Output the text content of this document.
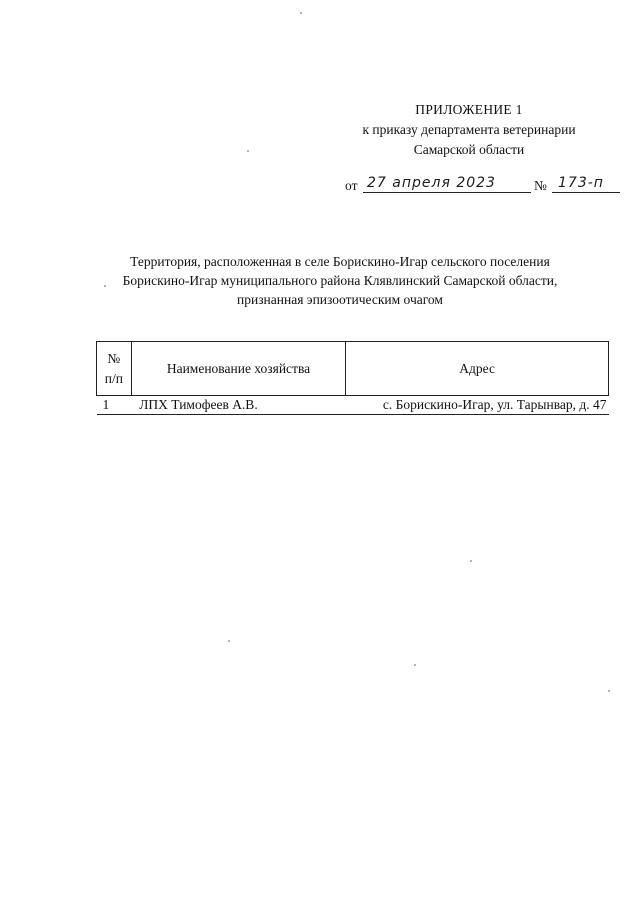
ПРИЛОЖЕНИЕ 1
к приказу департамента ветеринарии
Самарской области
от 27 апреля 2023	№ 173-п
Территория, расположенная в селе Борискино-Игар сельского поселения
Борискино-Игар муниципального района Клявлинский Самарской области,
признанная эпизоотическим очагом
№
п/п	Наименование хозяйства	Адрес
1	ЛПХ Тимофеев А.В.	с. Борискино-Игар, ул. Тарынвар, д. 47
